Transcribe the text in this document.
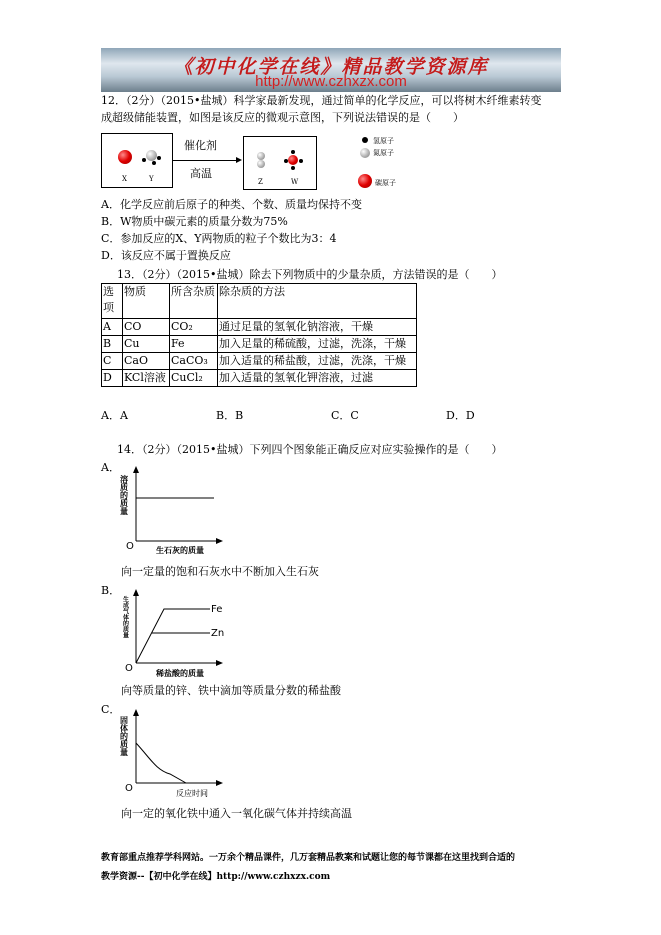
《初中化学在线》精品教学资源库
http://www.czhxzx.com
12．（2分）（2015•盐城）科学家最新发现，通过简单的化学反应，可以将树木纤维素转变
成超级储能装置，如图是该反应的微观示意图，下列说法错误的是（　　）
X	Y
催化剂
高温
Z	W
氢原子
氮原子
碳原子
A．化学反应前后原子的种类、个数、质量均保持不变
B．W物质中碳元素的质量分数为75%
C．参加反应的X、Y两物质的粒子个数比为3：4
D．该反应不属于置换反应
13．（2分）（2015•盐城）除去下列物质中的少量杂质，方法错误的是（　　）
选项	物质	所含杂质	除杂质的方法
A	CO	CO₂	通过足量的氢氧化钠溶液，干燥
B	Cu	Fe	加入足量的稀硫酸，过滤，洗涤，干燥
C	CaO	CaCO₃	加入适量的稀盐酸，过滤，洗涤，干燥
D	KCl溶液	CuCl₂	加入适量的氢氧化钾溶液，过滤
A．A	B．B	C．C	D．D
14．（2分）（2015•盐城）下列四个图象能正确反应对应实验操作的是（　　）
A．
O	生石灰的质量
溶质的质量
向一定量的饱和石灰水中不断加入生石灰
B．
Fe
Zn
O	稀盐酸的质量
生成气体的质量
向等质量的锌、铁中滴加等质量分数的稀盐酸
C．
O	反应时间
固体的质量
向一定的氧化铁中通入一氧化碳气体并持续高温
教育部重点推荐学科网站。一万余个精品课件，几万套精品教案和试题让您的每节课都在这里找到合适的
教学资源--【初中化学在线】http://www.czhxzx.com
